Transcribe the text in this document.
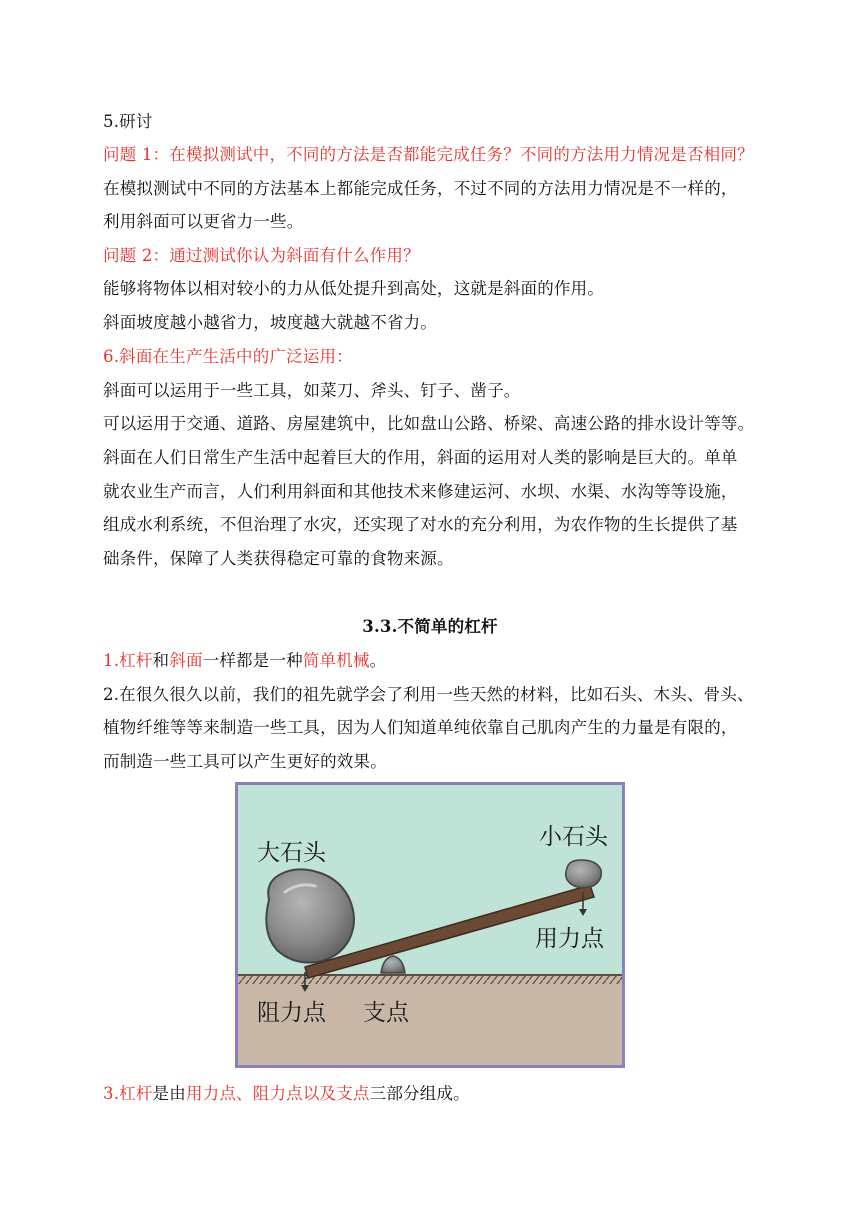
5.研讨
问题 1：在模拟测试中，不同的方法是否都能完成任务？不同的方法用力情况是否相同？
在模拟测试中不同的方法基本上都能完成任务，不过不同的方法用力情况是不一样的，
利用斜面可以更省力一些。
问题 2：通过测试你认为斜面有什么作用？
能够将物体以相对较小的力从低处提升到高处，这就是斜面的作用。
斜面坡度越小越省力，坡度越大就越不省力。
6.斜面在生产生活中的广泛运用：
斜面可以运用于一些工具，如菜刀、斧头、钉子、凿子。
可以运用于交通、道路、房屋建筑中，比如盘山公路、桥梁、高速公路的排水设计等等。
斜面在人们日常生产生活中起着巨大的作用，斜面的运用对人类的影响是巨大的。单单
就农业生产而言，人们利用斜面和其他技术来修建运河、水坝、水渠、水沟等等设施，
组成水利系统，不但治理了水灾，还实现了对水的充分利用，为农作物的生长提供了基
础条件，保障了人类获得稳定可靠的食物来源。
3.3.不简单的杠杆
1.杠杆和斜面一样都是一种简单机械。
2.在很久很久以前，我们的祖先就学会了利用一些天然的材料，比如石头、木头、骨头、
植物纤维等等来制造一些工具，因为人们知道单纯依靠自己肌肉产生的力量是有限的，
而制造一些工具可以产生更好的效果。
大石头
小石头
用力点
阻力点 支点
3.杠杆是由用力点、阻力点以及支点三部分组成。
